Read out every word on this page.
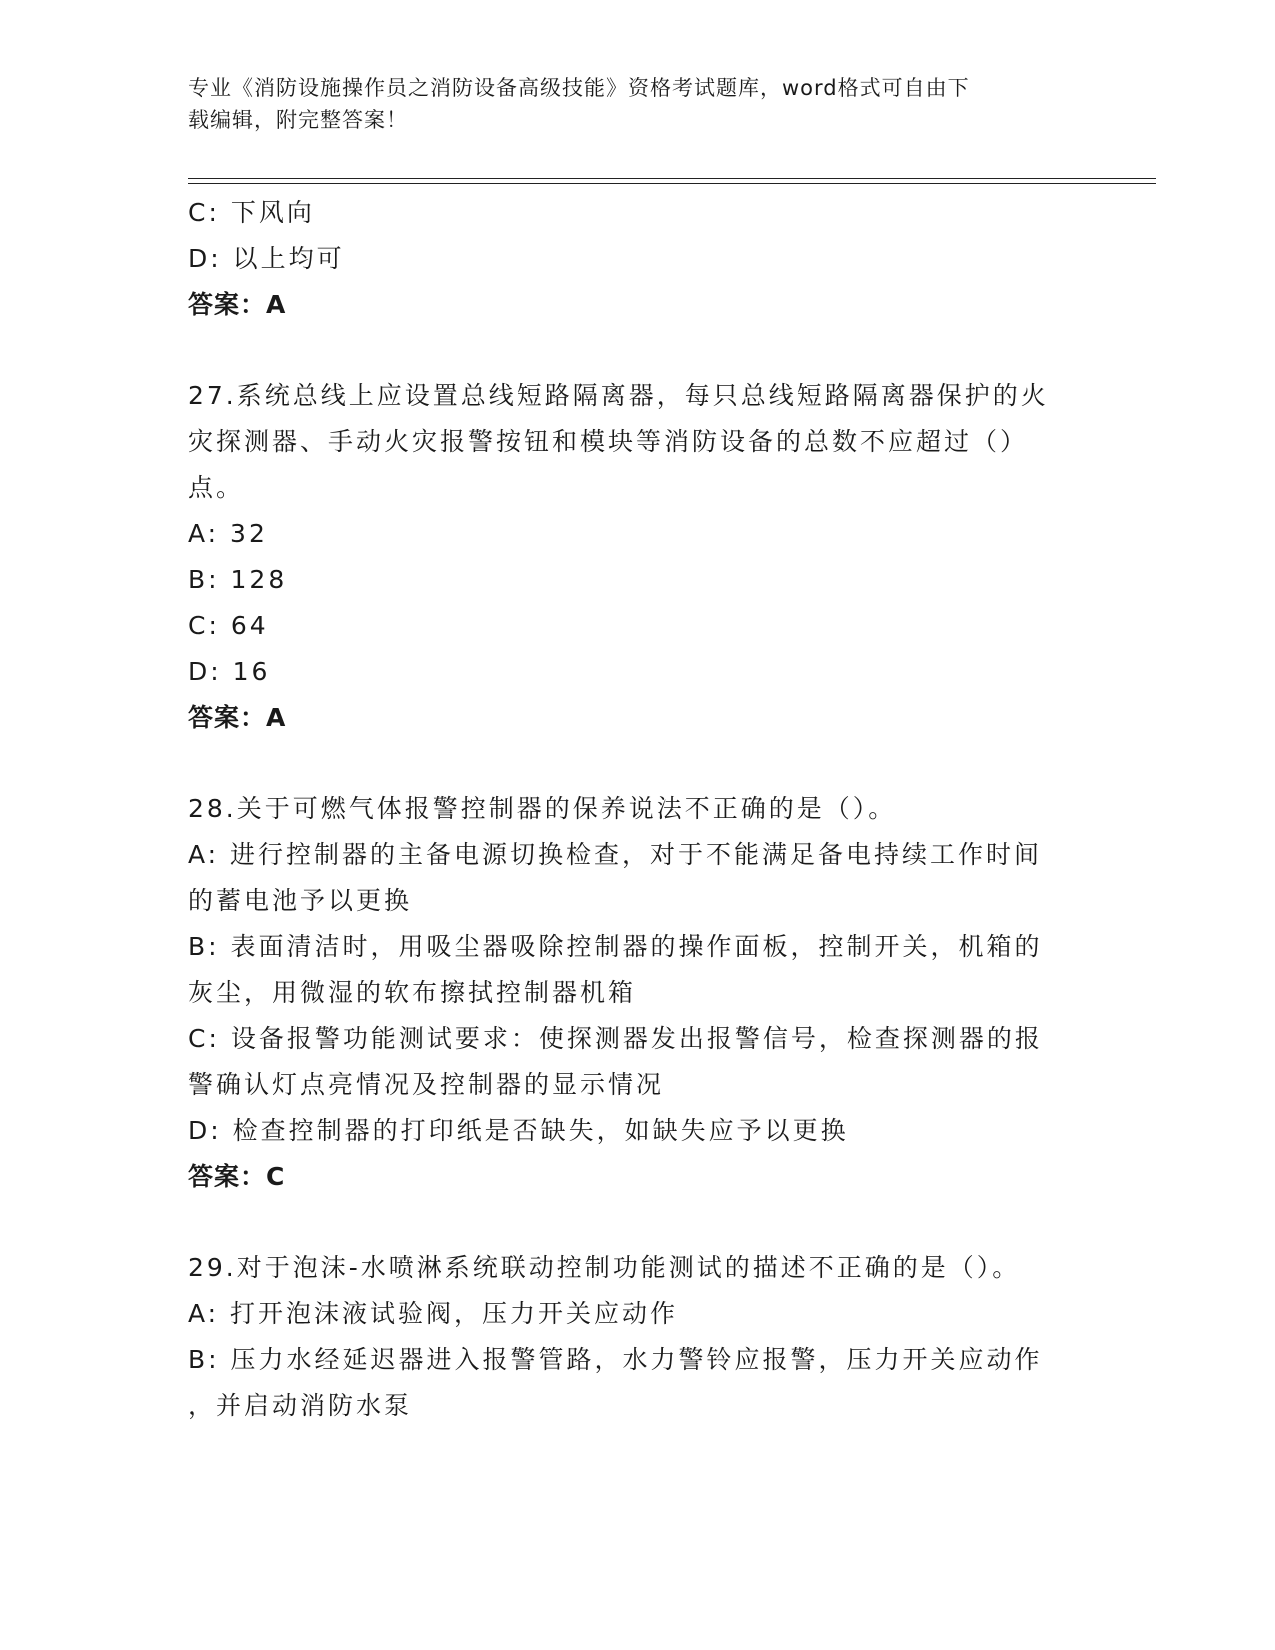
专业《消防设施操作员之消防设备高级技能》资格考试题库，word格式可自由下
载编辑，附完整答案！
C: 下风向
D: 以上均可
答案：A
27.系统总线上应设置总线短路隔离器，每只总线短路隔离器保护的火
灾探测器、手动火灾报警按钮和模块等消防设备的总数不应超过（）
点。
A: 32
B: 128
C: 64
D: 16
答案：A
28.关于可燃气体报警控制器的保养说法不正确的是（）。
A: 进行控制器的主备电源切换检查，对于不能满足备电持续工作时间
的蓄电池予以更换
B: 表面清洁时，用吸尘器吸除控制器的操作面板，控制开关，机箱的
灰尘，用微湿的软布擦拭控制器机箱
C: 设备报警功能测试要求：使探测器发出报警信号，检查探测器的报
警确认灯点亮情况及控制器的显示情况
D: 检查控制器的打印纸是否缺失，如缺失应予以更换
答案：C
29.对于泡沫-水喷淋系统联动控制功能测试的描述不正确的是（）。
A: 打开泡沫液试验阀，压力开关应动作
B: 压力水经延迟器进入报警管路，水力警铃应报警，压力开关应动作
，并启动消防水泵
